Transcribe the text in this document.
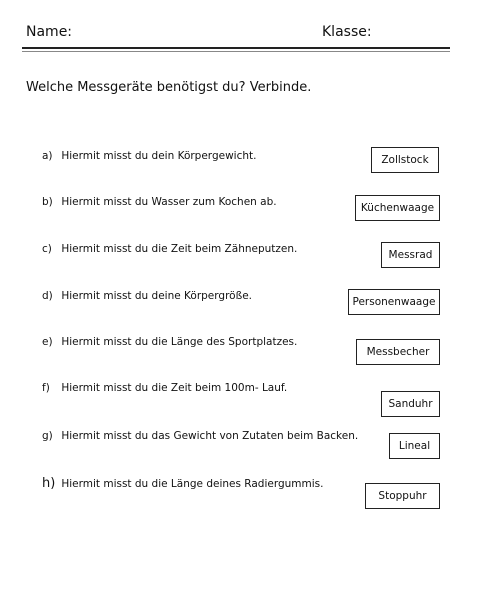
Name:	Klasse:
Welche Messgeräte benötigst du? Verbinde.
a) Hiermit misst du dein Körpergewicht.
b) Hiermit misst du Wasser zum Kochen ab.
c) Hiermit misst du die Zeit beim Zähneputzen.
d) Hiermit misst du deine Körpergröße.
e) Hiermit misst du die Länge des Sportplatzes.
f) Hiermit misst du die Zeit beim 100m- Lauf.
g) Hiermit misst du das Gewicht von Zutaten beim Backen.
h) Hiermit misst du die Länge deines Radiergummis.
Zollstock
Küchenwaage
Messrad
Personenwaage
Messbecher
Sanduhr
Lineal
Stoppuhr
